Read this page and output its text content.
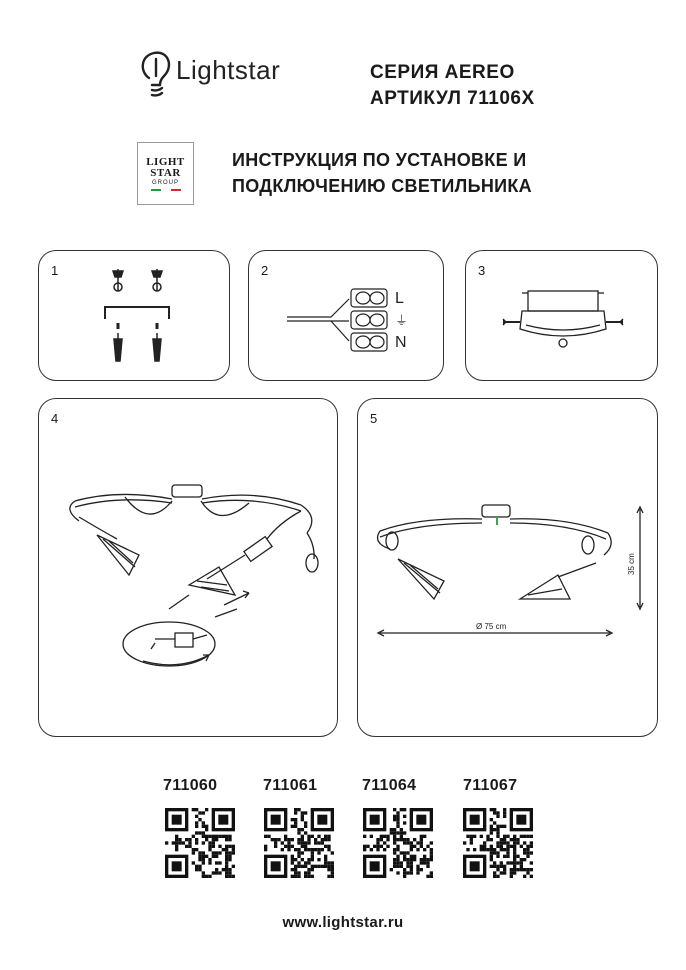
Lightstar	СЕРИЯ AEREO
АРТИКУЛ 71106X
LIGHT
STAR
GROUP
ИНСТРУКЦИЯ ПО УСТАНОВКЕ И
ПОДКЛЮЧЕНИЮ СВЕТИЛЬНИКА
1	2
L
⏚
N
3
4	5
35 cm
Ø 75 cm
711060	711061	711064	711067
www.lightstar.ru
